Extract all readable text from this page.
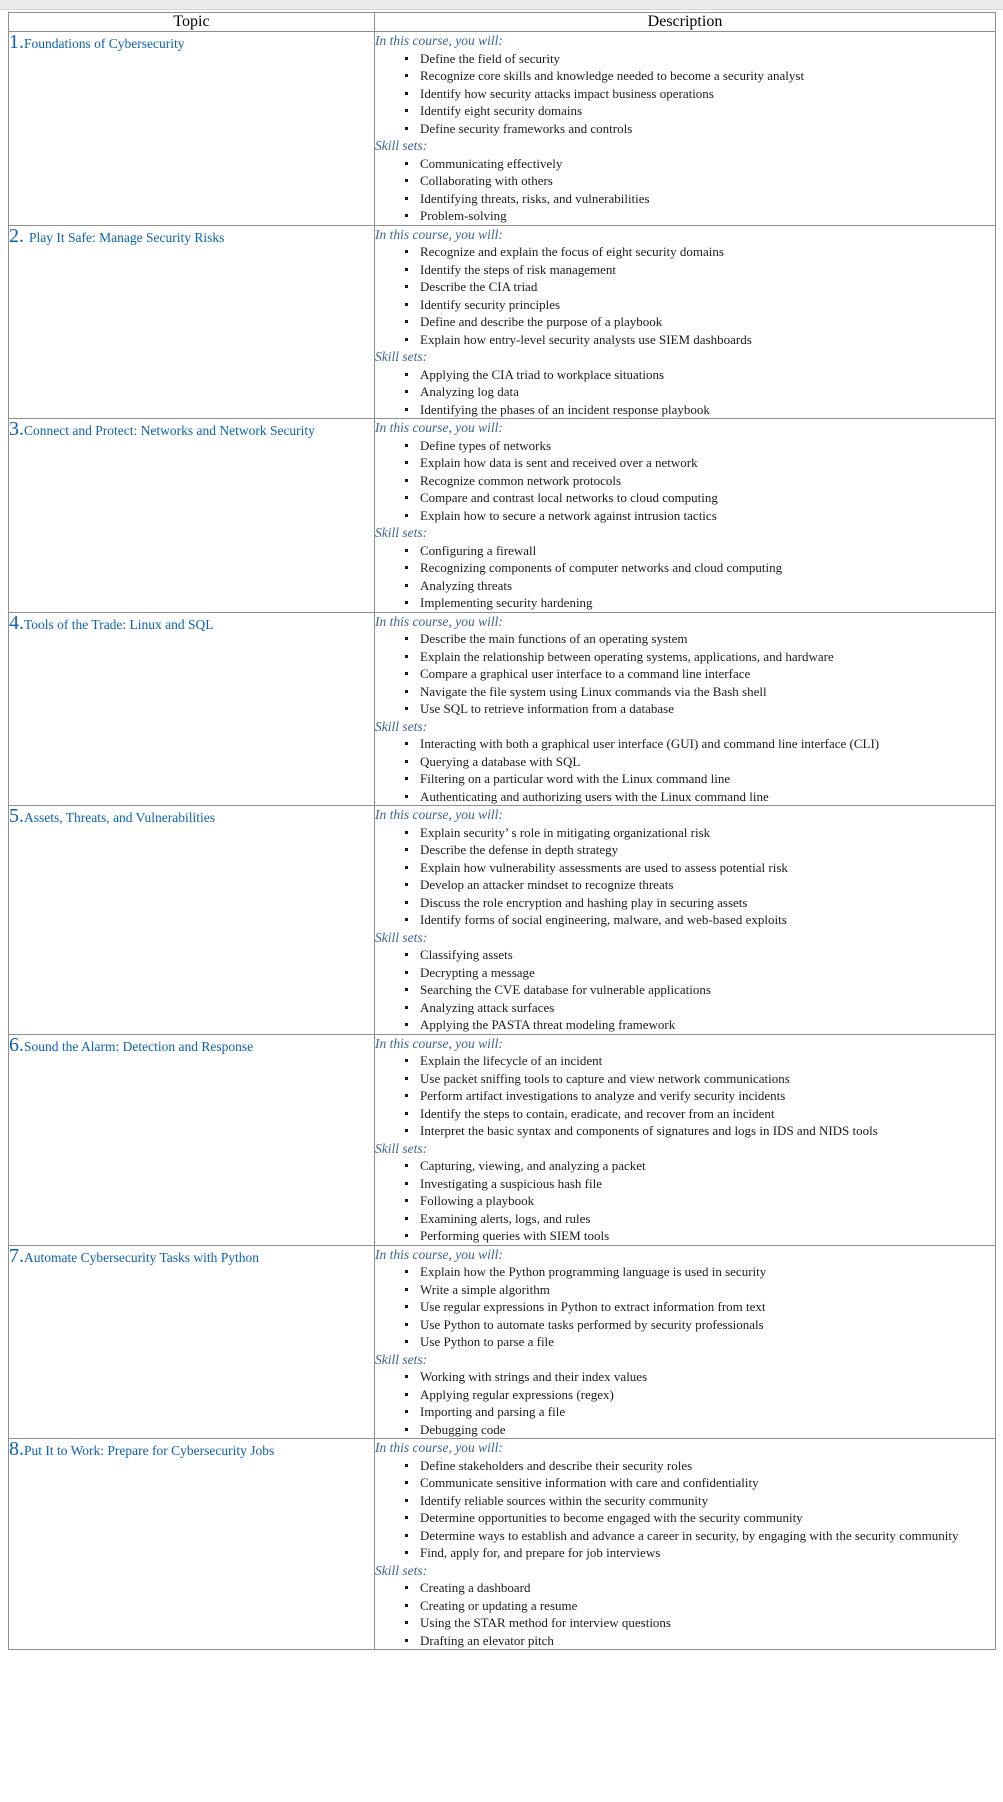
Topic	Description
1.Foundations of Cybersecurity	In this course, you will:
Define the field of security
Recognize core skills and knowledge needed to become a security analyst
Identify how security attacks impact business operations
Identify eight security domains
Define security frameworks and controls
Skill sets:
Communicating effectively
Collaborating with others
Identifying threats, risks, and vulnerabilities
Problem-solving

2. Play It Safe: Manage Security Risks	In this course, you will:
Recognize and explain the focus of eight security domains
Identify the steps of risk management
Describe the CIA triad
Identify security principles
Define and describe the purpose of a playbook
Explain how entry-level security analysts use SIEM dashboards
Skill sets:
Applying the CIA triad to workplace situations
Analyzing log data
Identifying the phases of an incident response playbook

3.Connect and Protect: Networks and Network Security	In this course, you will:
Define types of networks
Explain how data is sent and received over a network
Recognize common network protocols
Compare and contrast local networks to cloud computing
Explain how to secure a network against intrusion tactics
Skill sets:
Configuring a firewall
Recognizing components of computer networks and cloud computing
Analyzing threats
Implementing security hardening

4.Tools of the Trade: Linux and SQL	In this course, you will:
Describe the main functions of an operating system
Explain the relationship between operating systems, applications, and hardware
Compare a graphical user interface to a command line interface
Navigate the file system using Linux commands via the Bash shell
Use SQL to retrieve information from a database
Skill sets:
Interacting with both a graphical user interface (GUI) and command line interface (CLI)
Querying a database with SQL
Filtering on a particular word with the Linux command line
Authenticating and authorizing users with the Linux command line

5.Assets, Threats, and Vulnerabilities	In this course, you will:
Explain security’ s role in mitigating organizational risk
Describe the defense in depth strategy
Explain how vulnerability assessments are used to assess potential risk
Develop an attacker mindset to recognize threats
Discuss the role encryption and hashing play in securing assets
Identify forms of social engineering, malware, and web-based exploits
Skill sets:
Classifying assets
Decrypting a message
Searching the CVE database for vulnerable applications
Analyzing attack surfaces
Applying the PASTA threat modeling framework

6.Sound the Alarm: Detection and Response	In this course, you will:
Explain the lifecycle of an incident
Use packet sniffing tools to capture and view network communications
Perform artifact investigations to analyze and verify security incidents
Identify the steps to contain, eradicate, and recover from an incident
Interpret the basic syntax and components of signatures and logs in IDS and NIDS tools
Skill sets:
Capturing, viewing, and analyzing a packet
Investigating a suspicious hash file
Following a playbook
Examining alerts, logs, and rules
Performing queries with SIEM tools

7.Automate Cybersecurity Tasks with Python	In this course, you will:
Explain how the Python programming language is used in security
Write a simple algorithm
Use regular expressions in Python to extract information from text
Use Python to automate tasks performed by security professionals
Use Python to parse a file
Skill sets:
Working with strings and their index values
Applying regular expressions (regex)
Importing and parsing a file
Debugging code

8.Put It to Work: Prepare for Cybersecurity Jobs	In this course, you will:
Define stakeholders and describe their security roles
Communicate sensitive information with care and confidentiality
Identify reliable sources within the security community
Determine opportunities to become engaged with the security community
Determine ways to establish and advance a career in security, by engaging with the security community
Find, apply for, and prepare for job interviews
Skill sets:
Creating a dashboard
Creating or updating a resume
Using the STAR method for interview questions
Drafting an elevator pitch
